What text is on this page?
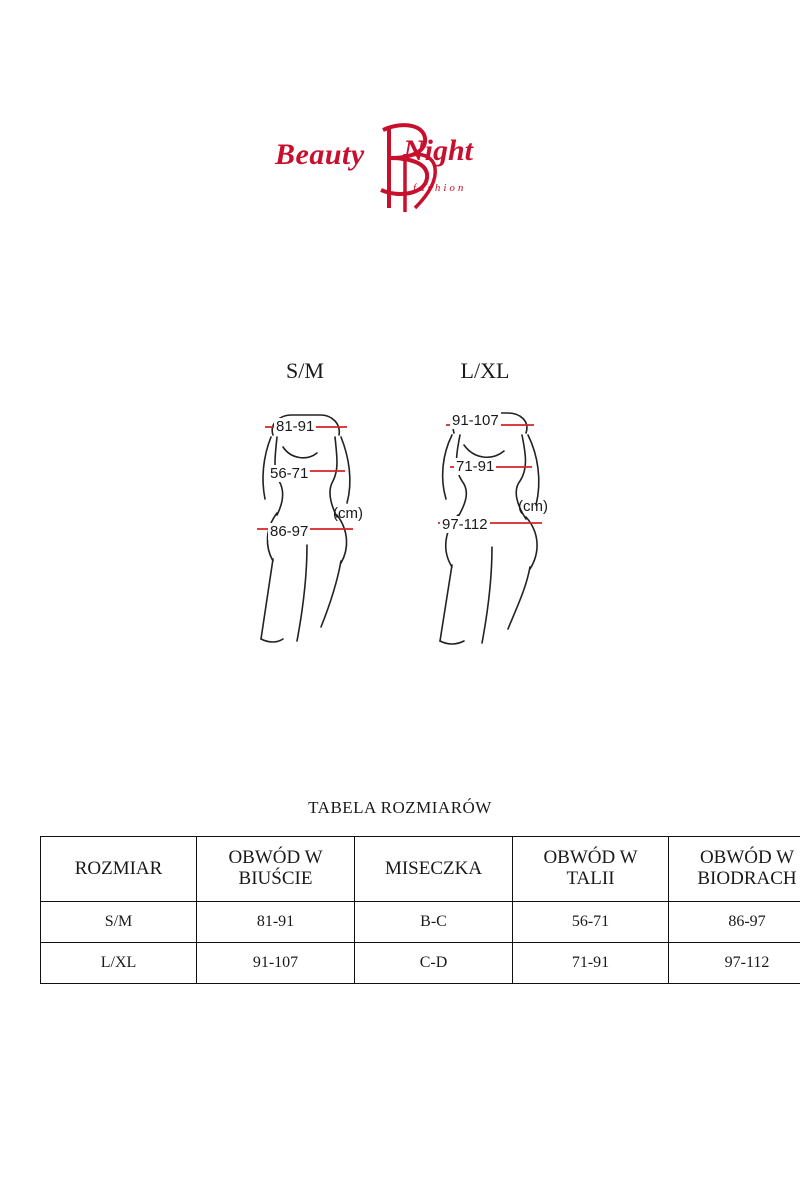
Beauty Night
fashion
S/M	L/XL
81-91
56-71
86-97
91-107
71-91
97-112
(cm)	(cm)
TABELA ROZMIARÓW
ROZMIAR	OBWÓD W BIUŚCIE	MISECZKA	OBWÓD W TALII	OBWÓD W BIODRACH
S/M	81-91	B-C	56-71	86-97
L/XL	91-107	C-D	71-91	97-112
